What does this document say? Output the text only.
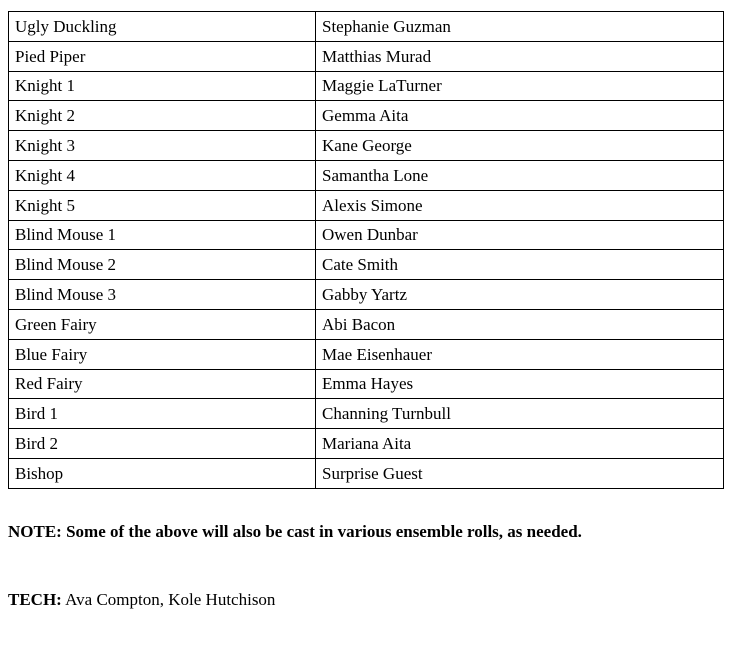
Ugly Duckling	Stephanie Guzman
Pied Piper	Matthias Murad
Knight 1	Maggie LaTurner
Knight 2	Gemma Aita
Knight 3	Kane George
Knight 4	Samantha Lone
Knight 5	Alexis Simone
Blind Mouse 1	Owen Dunbar
Blind Mouse 2	Cate Smith
Blind Mouse 3	Gabby Yartz
Green Fairy	Abi Bacon
Blue Fairy	Mae Eisenhauer
Red Fairy	Emma Hayes
Bird 1	Channing Turnbull
Bird 2	Mariana Aita
Bishop	Surprise Guest
NOTE: Some of the above will also be cast in various ensemble rolls, as needed.
TECH: Ava Compton, Kole Hutchison
